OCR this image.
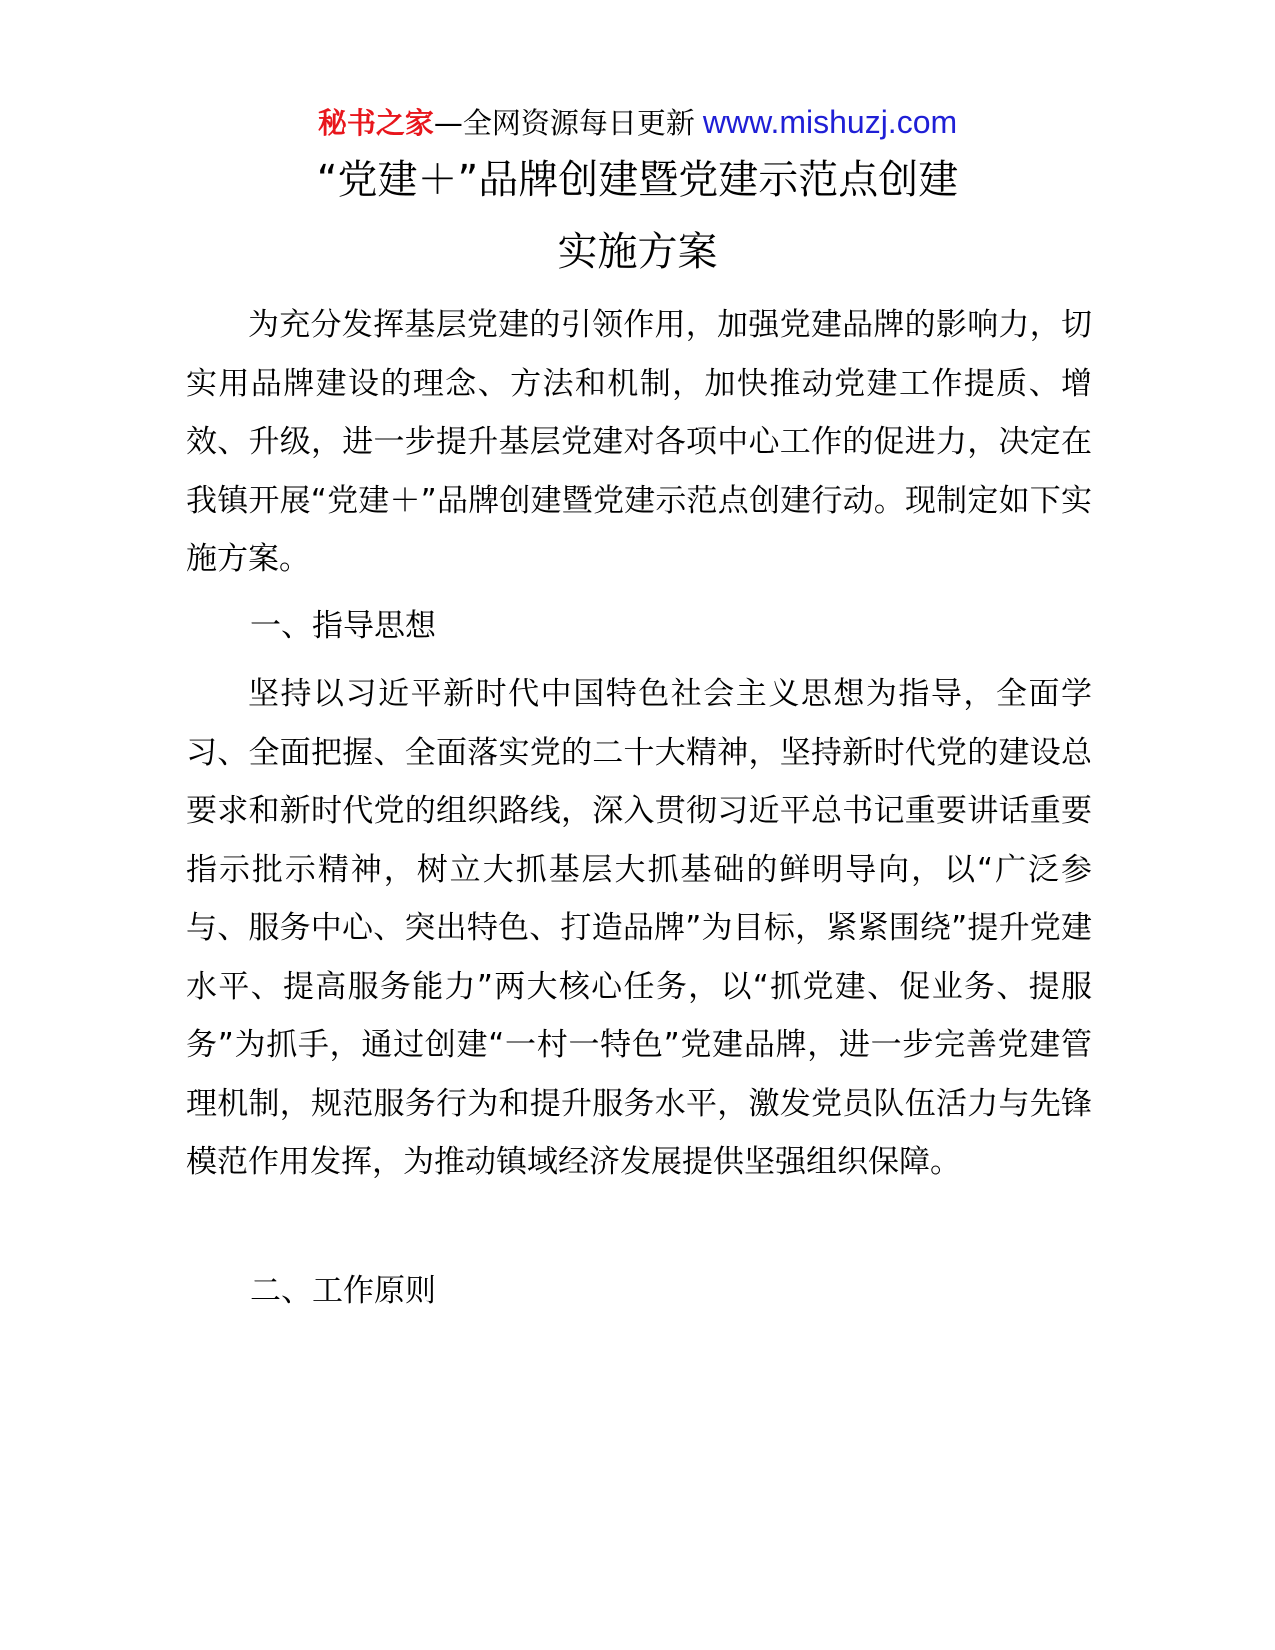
秘书之家—全网资源每日更新 www.mishuzj.com
“党建＋”品牌创建暨党建示范点创建
实施方案

为充分发挥基层党建的引领作用，加强党建品牌的影响力，切实用品牌建设的理念、方法和机制，加快推动党建工作提质、增效、升级，进一步提升基层党建对各项中心工作的促进力，决定在我镇开展“党建＋”品牌创建暨党建示范点创建行动。现制定如下实施方案。

一、指导思想

坚持以习近平新时代中国特色社会主义思想为指导，全面学习、全面把握、全面落实党的二十大精神，坚持新时代党的建设总要求和新时代党的组织路线，深入贯彻习近平总书记重要讲话重要指示批示精神，树立大抓基层大抓基础的鲜明导向，以“广泛参与、服务中心、突出特色、打造品牌”为目标，紧紧围绕”提升党建水平、提高服务能力”两大核心任务，以“抓党建、促业务、提服务”为抓手，通过创建“一村一特色”党建品牌，进一步完善党建管理机制，规范服务行为和提升服务水平，激发党员队伍活力与先锋模范作用发挥，为推动镇域经济发展提供坚强组织保障。

二、工作原则
